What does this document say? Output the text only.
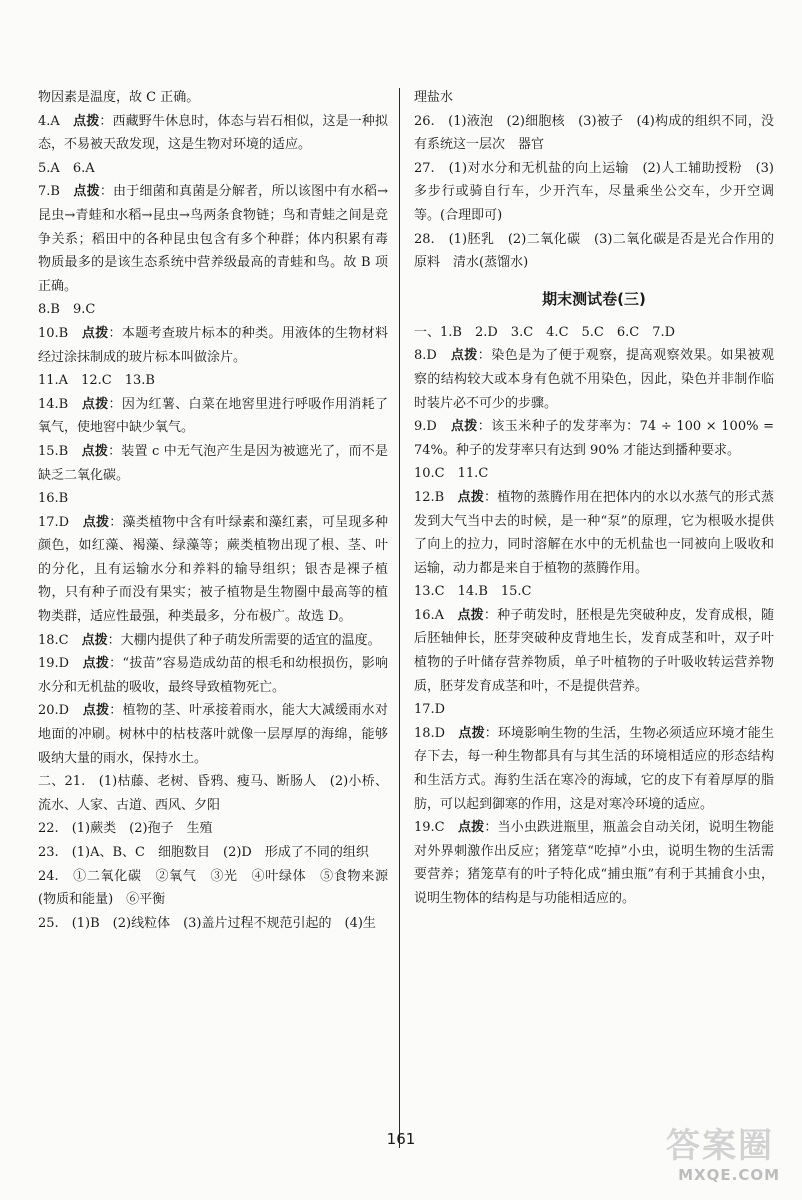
物因素是温度，故 C 正确。
4.A　 点拨：西藏野牛休息时，体态与岩石相似，这是一种拟态，不易被天敌发现，这是生物对环境的适应。
5.A　 6.A
7.B　 点拨：由于细菌和真菌是分解者，所以该图中有水稻→昆虫→青蛙和水稻→昆虫→鸟两条食物链；鸟和青蛙之间是竞争关系；稻田中的各种昆虫包含有多个种群；体内积累有毒物质最多的是该生态系统中营养级最高的青蛙和鸟。故 B 项正确。
8.B　 9.C
10.B　 点拨：本题考查玻片标本的种类。用液体的生物材料经过涂抹制成的玻片标本叫做涂片。
11.A　 12.C　13.B
14.B　 点拨：因为红薯、白菜在地窖里进行呼吸作用消耗了氧气，使地窖中缺少氧气。
15.B　 点拨：装置 c 中无气泡产生是因为被遮光了，而不是缺乏二氧化碳。
16.B　
17.D　 点拨：藻类植物中含有叶绿素和藻红素，可呈现多种颜色，如红藻、褐藻、绿藻等；蕨类植物出现了根、茎、叶的分化，且有运输水分和养料的输导组织；银杏是裸子植物，只有种子而没有果实；被子植物是生物圈中最高等的植物类群，适应性最强，种类最多，分布极广。故选 D。
18.C　 点拨：大棚内提供了种子萌发所需要的适宜的温度。
19.D　 点拨：“拔苗”容易造成幼苗的根毛和幼根损伤，影响水分和无机盐的吸收，最终导致植物死亡。
20.D　 点拨：植物的茎、叶承接着雨水，能大大减缓雨水对地面的冲刷。树林中的枯枝落叶就像一层厚厚的海绵，能够吸纳大量的雨水，保持水土。
二、21.　 (1)枯藤、老树、昏鸦、瘦马、断肠人　(2)小桥、流水、人家、古道、西风、夕阳
22.　 (1)蕨类　(2)孢子　生殖
23.　 (1)A、B、C　细胞数目　(2)D　形成了不同的组织
24.　 ①二氧化碳　②氧气　③光　④叶绿体　⑤食物来源(物质和能量)　⑥平衡
25.　 (1)B　(2)线粒体　(3)盖片过程不规范引起的　(4)生
理盐水
26.　 (1)液泡　(2)细胞核　(3)被子　(4)构成的组织不同，没有系统这一层次　器官
27.　 (1)对水分和无机盐的向上运输　(2)人工辅助授粉　(3)多步行或骑自行车，少开汽车，尽量乘坐公交车，少开空调等。(合理即可)
28.　 (1)胚乳　(2)二氧化碳　(3)二氧化碳是否是光合作用的原料　清水(蒸馏水)
期末测试卷(三)
一、1.B　 2.D　3.C　4.C　5.C　6.C　7.D
8.D　 点拨：染色是为了便于观察，提高观察效果。如果被观察的结构较大或本身有色就不用染色，因此，染色并非制作临时装片必不可少的步骤。
9.D　 点拨：该玉米种子的发芽率为：74 ÷ 100 × 100% = 74%。种子的发芽率只有达到 90% 才能达到播种要求。
10.C　 11.C
12.B　 点拨：植物的蒸腾作用在把体内的水以水蒸气的形式蒸发到大气当中去的时候，是一种“泵”的原理，它为根吸水提供了向上的拉力，同时溶解在水中的无机盐也一同被向上吸收和运输，动力都是来自于植物的蒸腾作用。
13.C　 14.B　15.C
16.A　 点拨：种子萌发时，胚根是先突破种皮，发育成根，随后胚轴伸长，胚芽突破种皮背地生长，发育成茎和叶，双子叶植物的子叶储存营养物质，单子叶植物的子叶吸收转运营养物质，胚芽发育成茎和叶，不是提供营养。
17.D　
18.D　 点拨：环境影响生物的生活，生物必须适应环境才能生存下去，每一种生物都具有与其生活的环境相适应的形态结构和生活方式。海豹生活在寒冷的海域，它的皮下有着厚厚的脂肪，可以起到御寒的作用，这是对寒冷环境的适应。
19.C　 点拨：当小虫跌进瓶里，瓶盖会自动关闭，说明生物能对外界刺激作出反应；猪笼草“吃掉”小虫，说明生物的生活需要营养；猪笼草有的叶子特化成“捕虫瓶”有利于其捕食小虫，说明生物体的结构是与功能相适应的。
161	答案圈
MXQE.COM
